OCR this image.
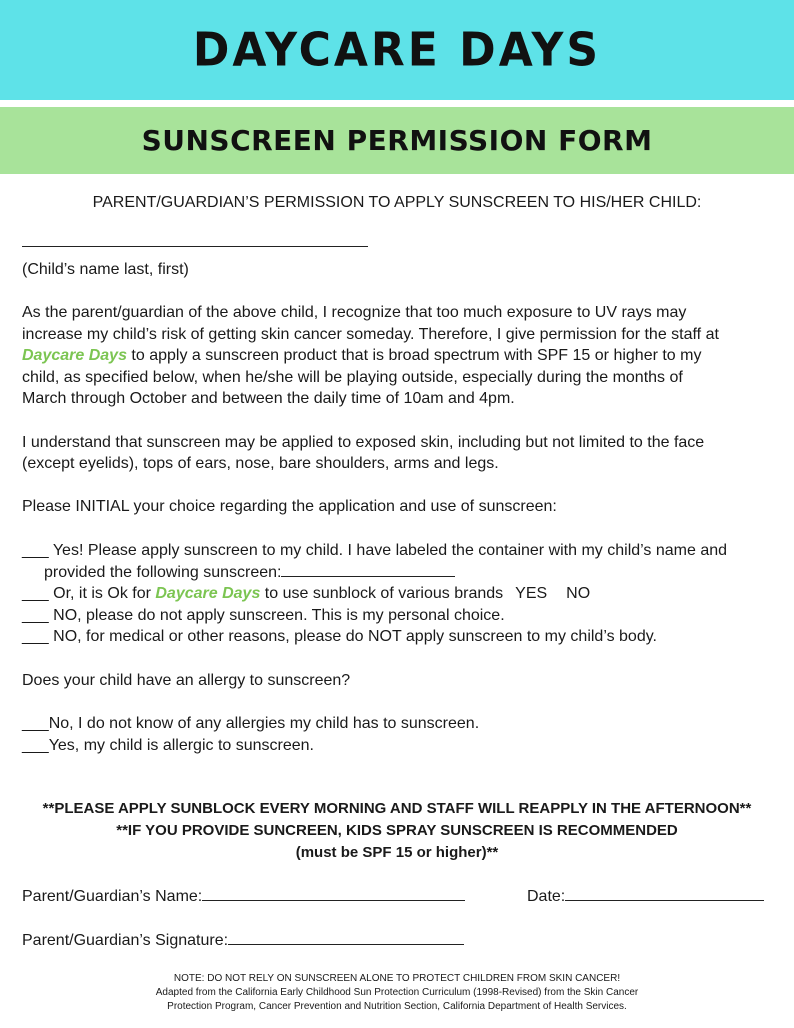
DAYCARE DAYS
SUNSCREEN PERMISSION FORM
PARENT/GUARDIAN’S PERMISSION TO APPLY SUNSCREEN TO HIS/HER CHILD:
(Child’s name last, first)
As the parent/guardian of the above child, I recognize that too much exposure to UV rays may
increase my child’s risk of getting skin cancer someday. Therefore, I give permission for the staff at
Daycare Days to apply a sunscreen product that is broad spectrum with SPF 15 or higher to my
child, as specified below, when he/she will be playing outside, especially during the months of
March through October and between the daily time of 10am and 4pm.
I understand that sunscreen may be applied to exposed skin, including but not limited to the face
(except eyelids), tops of ears, nose, bare shoulders, arms and legs.
Please INITIAL your choice regarding the application and use of sunscreen:
___ Yes! Please apply sunscreen to my child. I have labeled the container with my child’s name and
provided the following sunscreen:
___ Or, it is Ok for Daycare Days to use sunblock of various brands YES NO
___ NO, please do not apply sunscreen. This is my personal choice.
___ NO, for medical or other reasons, please do NOT apply sunscreen to my child’s body.
Does your child have an allergy to sunscreen?
___No, I do not know of any allergies my child has to sunscreen.
___Yes, my child is allergic to sunscreen.
**PLEASE APPLY SUNBLOCK EVERY MORNING AND STAFF WILL REAPPLY IN THE AFTERNOON**
**IF YOU PROVIDE SUNCREEN, KIDS SPRAY SUNSCREEN IS RECOMMENDED
(must be SPF 15 or higher)**
Parent/Guardian’s Name:	Date:
Parent/Guardian’s Signature:
NOTE: DO NOT RELY ON SUNSCREEN ALONE TO PROTECT CHILDREN FROM SKIN CANCER!
Adapted from the California Early Childhood Sun Protection Curriculum (1998-Revised) from the Skin Cancer
Protection Program, Cancer Prevention and Nutrition Section, California Department of Health Services.
